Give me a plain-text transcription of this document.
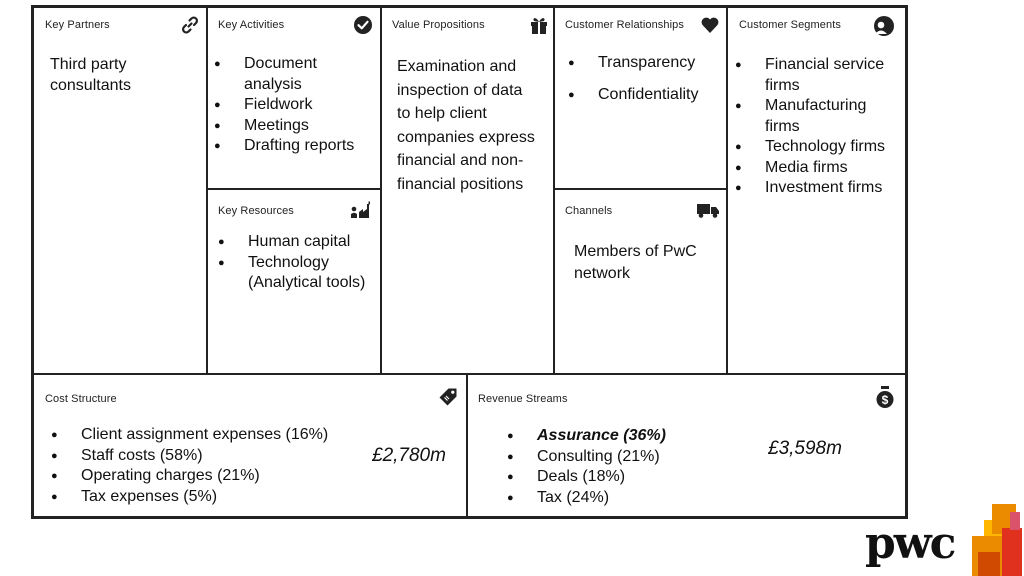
Key Partners
Third party consultants
Key Activities
● Document analysis
● Fieldwork
● Meetings
● Drafting reports
Key Resources
● Human capital
● Technology (Analytical tools)
Value Propositions
Examination and inspection of data to help client companies express financial and non-financial positions
Customer Relationships
● Transparency
● Confidentiality
Channels
Members of PwC network
Customer Segments
● Financial service firms
● Manufacturing firms
● Technology firms
● Media firms
● Investment firms
Cost Structure
● Client assignment expenses (16%)
● Staff costs (58%)
● Operating charges (21%)
● Tax expenses (5%)
£2,780m
Revenue Streams	$
● Assurance (36%)
● Consulting (21%)
● Deals (18%)
● Tax (24%)
£3,598m
pwc
